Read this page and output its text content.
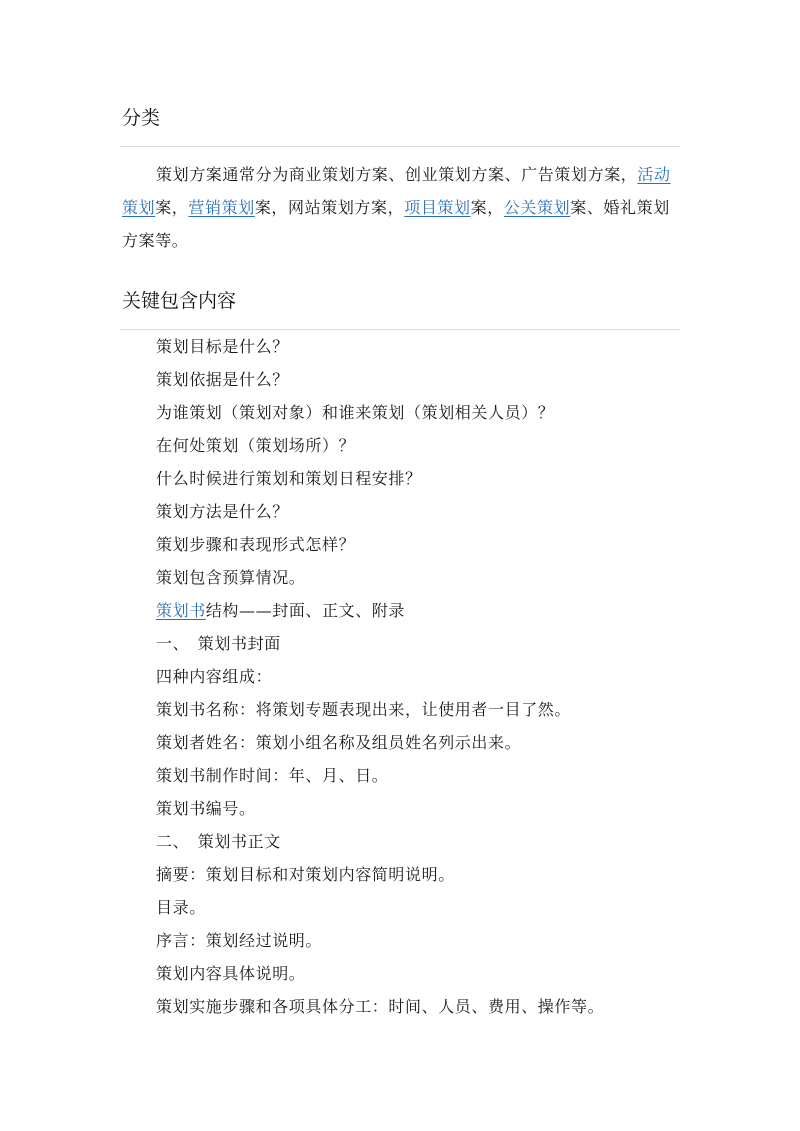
分类

策划方案通常分为商业策划方案、创业策划方案、广告策划方案，活动策划案，营销策划案，网站策划方案，项目策划案，公关策划案、婚礼策划方案等。

关键包含内容

策划目标是什么？

策划依据是什么？

为谁策划（策划对象）和谁来策划（策划相关人员）？

在何处策划（策划场所）？

什么时候进行策划和策划日程安排？

策划方法是什么？

策划步骤和表现形式怎样？

策划包含预算情况。

策划书结构——封面、正文、附录

一、　策划书封面

四种内容组成：

策划书名称：将策划专题表现出来，让使用者一目了然。

策划者姓名：策划小组名称及组员姓名列示出来。

策划书制作时间：年、月、日。

策划书编号。

二、　策划书正文

摘要：策划目标和对策划内容简明说明。

目录。

序言：策划经过说明。

策划内容具体说明。

策划实施步骤和各项具体分工：时间、人员、费用、操作等。
